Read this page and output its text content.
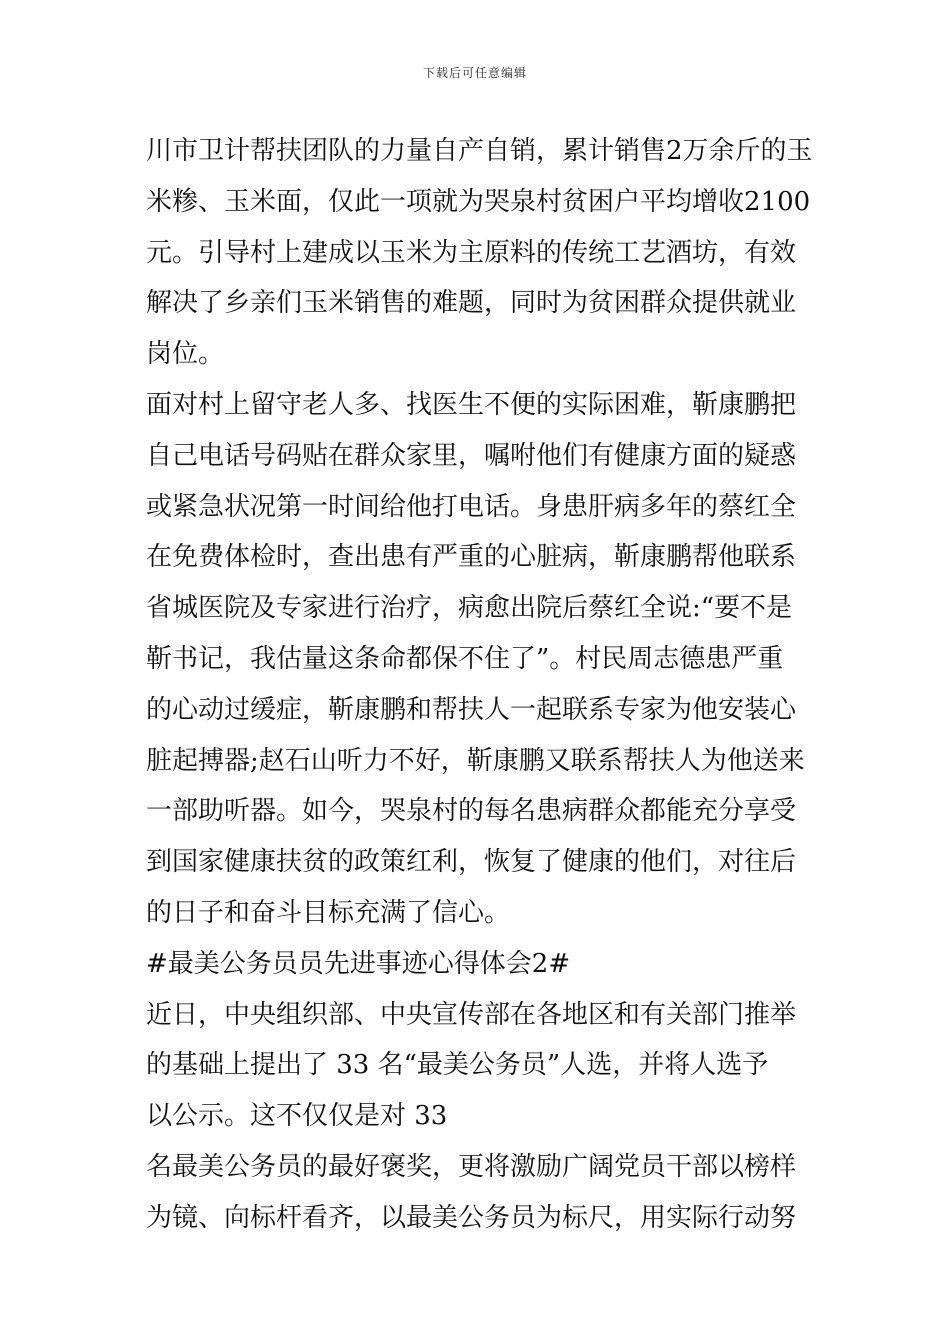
下载后可任意编辑
川市卫计帮扶团队的力量自产自销，累计销售2万余斤的玉
米糁、玉米面，仅此一项就为哭泉村贫困户平均增收2100
元。引导村上建成以玉米为主原料的传统工艺酒坊，有效
解决了乡亲们玉米销售的难题，同时为贫困群众提供就业
岗位。
面对村上留守老人多、找医生不便的实际困难，靳康鹏把
自己电话号码贴在群众家里，嘱咐他们有健康方面的疑惑
或紧急状况第一时间给他打电话。身患肝病多年的蔡红全
在免费体检时，查出患有严重的心脏病，靳康鹏帮他联系
省城医院及专家进行治疗，病愈出院后蔡红全说:“要不是
靳书记，我估量这条命都保不住了”。村民周志德患严重
的心动过缓症，靳康鹏和帮扶人一起联系专家为他安装心
脏起搏器;赵石山听力不好，靳康鹏又联系帮扶人为他送来
一部助听器。如今，哭泉村的每名患病群众都能充分享受
到国家健康扶贫的政策红利，恢复了健康的他们，对往后
的日子和奋斗目标充满了信心。
#最美公务员员先进事迹心得体会2#
近日，中央组织部、中央宣传部在各地区和有关部门推举
的基础上提出了 33 名“最美公务员”人选，并将人选予
以公示。这不仅仅是对 33
名最美公务员的最好褒奖，更将激励广阔党员干部以榜样
为镜、向标杆看齐，以最美公务员为标尺，用实际行动努
